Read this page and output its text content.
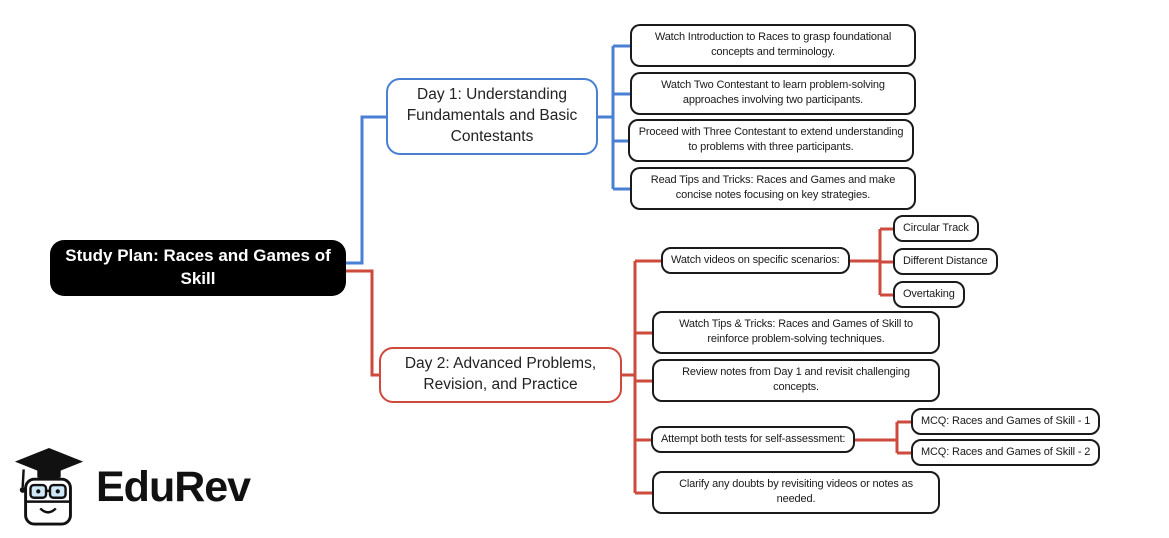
Study Plan: Races and Games of Skill
Day 1: Understanding Fundamentals and Basic Contestants
Watch Introduction to Races to grasp foundational concepts and terminology.
Watch Two Contestant to learn problem-solving approaches involving two participants.
Proceed with Three Contestant to extend understanding to problems with three participants.
Read Tips and Tricks: Races and Games and make concise notes focusing on key strategies.
Day 2: Advanced Problems, Revision, and Practice
Watch videos on specific scenarios:
Watch Tips & Tricks: Races and Games of Skill to reinforce problem-solving techniques.
Review notes from Day 1 and revisit challenging concepts.
Attempt both tests for self-assessment:
Clarify any doubts by revisiting videos or notes as needed.
Circular Track
Different Distance
Overtaking
MCQ: Races and Games of Skill - 1
MCQ: Races and Games of Skill - 2
EduRev
